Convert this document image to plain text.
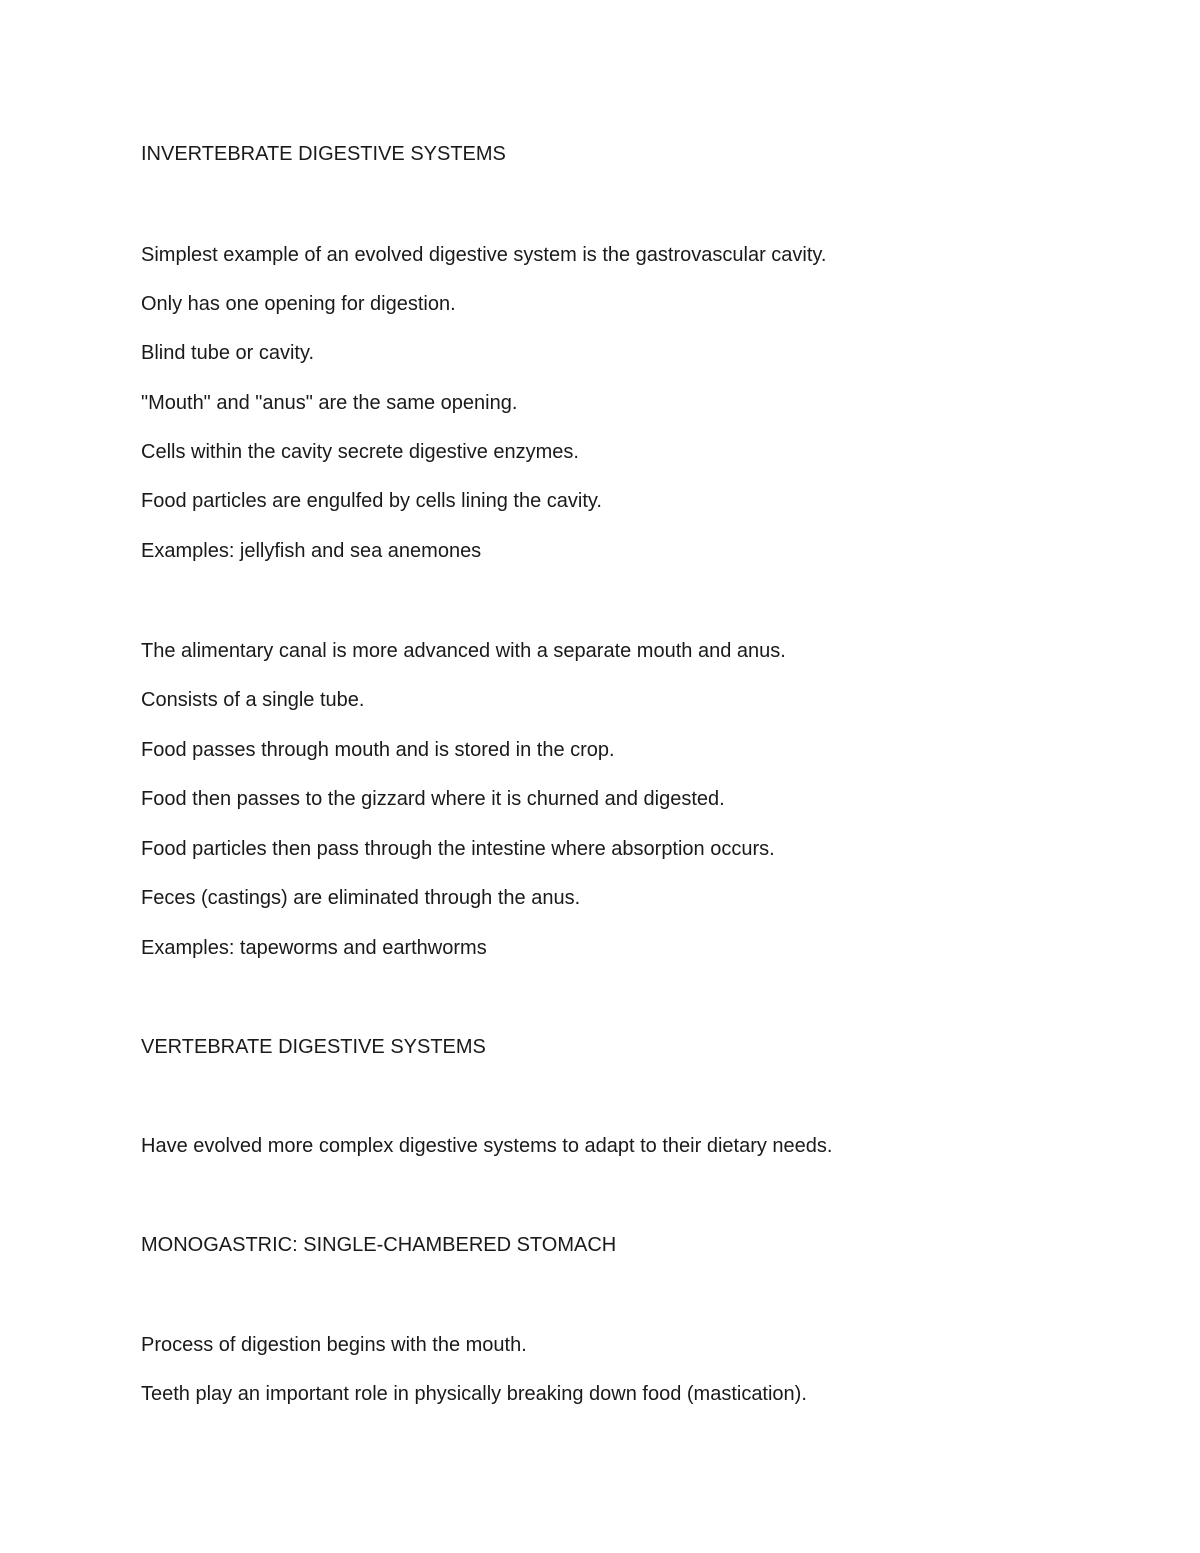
INVERTEBRATE DIGESTIVE SYSTEMS
Simplest example of an evolved digestive system is the gastrovascular cavity.
Only has one opening for digestion.
Blind tube or cavity.
"Mouth" and "anus" are the same opening.
Cells within the cavity secrete digestive enzymes.
Food particles are engulfed by cells lining the cavity.
Examples: jellyfish and sea anemones
The alimentary canal is more advanced with a separate mouth and anus.
Consists of a single tube.
Food passes through mouth and is stored in the crop.
Food then passes to the gizzard where it is churned and digested.
Food particles then pass through the intestine where absorption occurs.
Feces (castings) are eliminated through the anus.
Examples: tapeworms and earthworms
VERTEBRATE DIGESTIVE SYSTEMS
Have evolved more complex digestive systems to adapt to their dietary needs.
MONOGASTRIC: SINGLE-CHAMBERED STOMACH
Process of digestion begins with the mouth.
Teeth play an important role in physically breaking down food (mastication).
